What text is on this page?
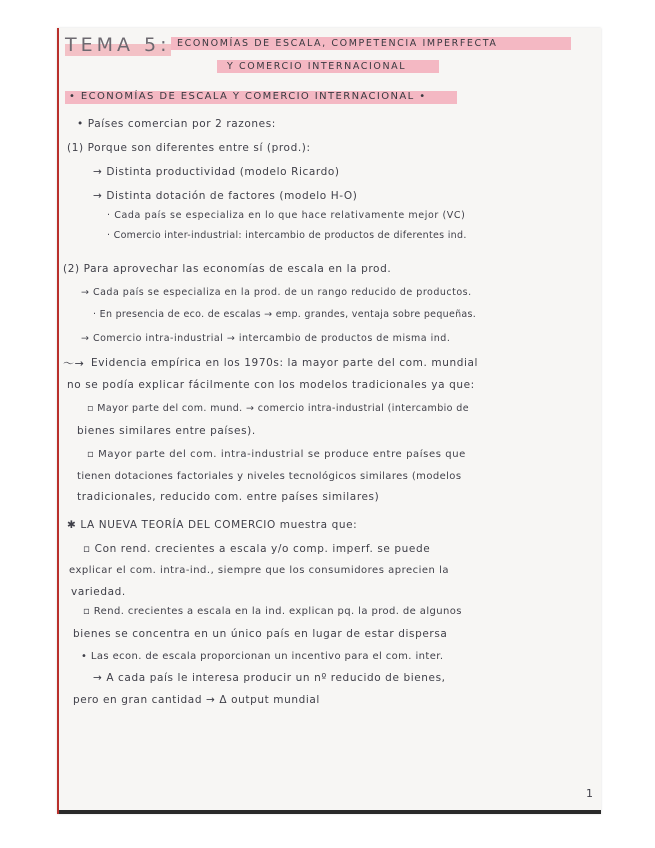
TEMA 5: ECONOMÍAS DE ESCALA, COMPETENCIA IMPERFECTA
Y COMERCIO INTERNACIONAL
• ECONOMÍAS DE ESCALA Y COMERCIO INTERNACIONAL •
• Países comercian por 2 razones:
(1) Porque son diferentes entre sí (prod.):
→ Distinta productividad (modelo Ricardo)
→ Distinta dotación de factores (modelo H-O)
· Cada país se especializa en lo que hace relativamente mejor (VC)
· Comercio inter-industrial: intercambio de productos de diferentes ind.
(2) Para aprovechar las economías de escala en la prod.
→ Cada país se especializa en la prod. de un rango reducido de productos.
· En presencia de eco. de escalas → emp. grandes, ventaja sobre pequeñas.
→ Comercio intra-industrial → intercambio de productos de misma ind.
〜→ Evidencia empírica en los 1970s: la mayor parte del com. mundial
no se podía explicar fácilmente con los modelos tradicionales ya que:
▫ Mayor parte del com. mund. → comercio intra-industrial (intercambio de
bienes similares entre países).
▫ Mayor parte del com. intra-industrial se produce entre países que
tienen dotaciones factoriales y niveles tecnológicos similares (modelos
tradicionales, reducido com. entre países similares)
✱ LA NUEVA TEORÍA DEL COMERCIO muestra que:
▫ Con rend. crecientes a escala y/o comp. imperf. se puede
explicar el com. intra-ind., siempre que los consumidores aprecien la
variedad.
▫ Rend. crecientes a escala en la ind. explican pq. la prod. de algunos
bienes se concentra en un único país en lugar de estar dispersa
• Las econ. de escala proporcionan un incentivo para el com. inter.
→ A cada país le interesa producir un nº reducido de bienes,
pero en gran cantidad → Δ output mundial
1
